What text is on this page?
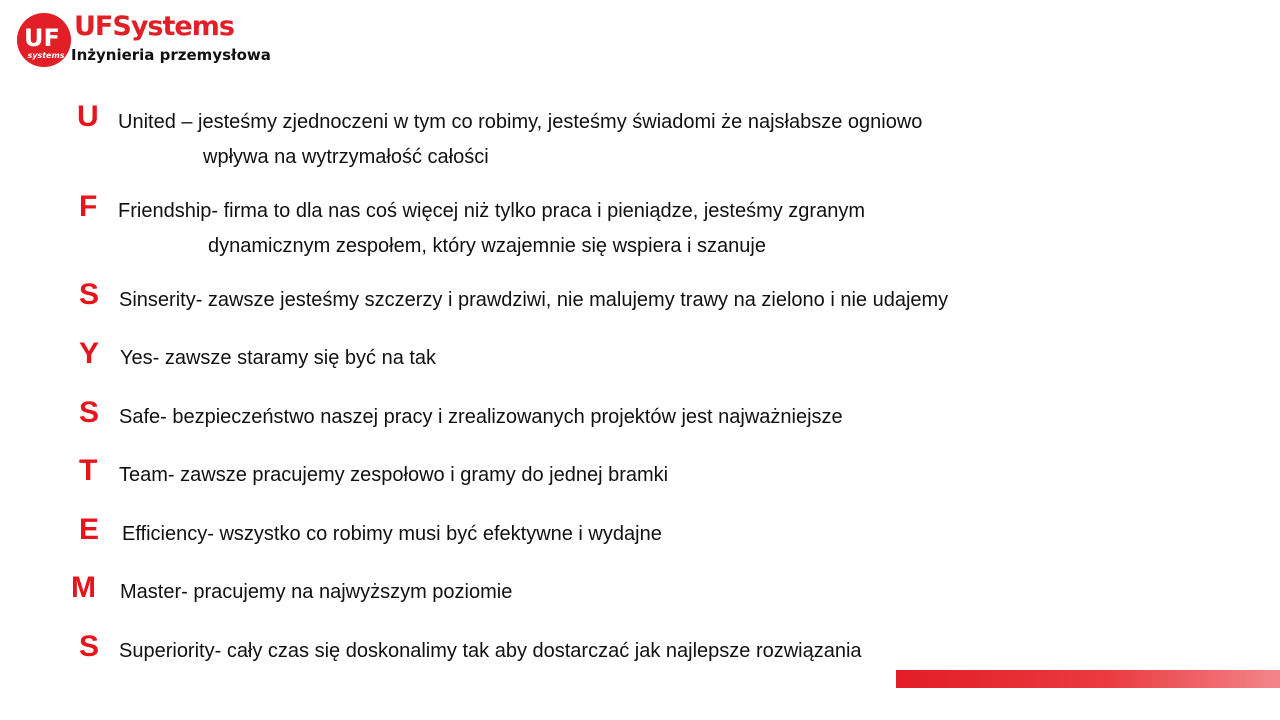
UF
systems
UFSystems
Inżynieria przemysłowa
U United – jesteśmy zjednoczeni w tym co robimy, jesteśmy świadomi że najsłabsze ogniowo
wpływa na wytrzymałość całości
F Friendship- firma to dla nas coś więcej niż tylko praca i pieniądze, jesteśmy zgranym
dynamicznym zespołem, który wzajemnie się wspiera i szanuje
S Sinserity- zawsze jesteśmy szczerzy i prawdziwi, nie malujemy trawy na zielono i nie udajemy
Y Yes- zawsze staramy się być na tak
S Safe- bezpieczeństwo naszej pracy i zrealizowanych projektów jest najważniejsze
T Team- zawsze pracujemy zespołowo i gramy do jednej bramki
E Efficiency- wszystko co robimy musi być efektywne i wydajne
M Master- pracujemy na najwyższym poziomie
S Superiority- cały czas się doskonalimy tak aby dostarczać jak najlepsze rozwiązania
